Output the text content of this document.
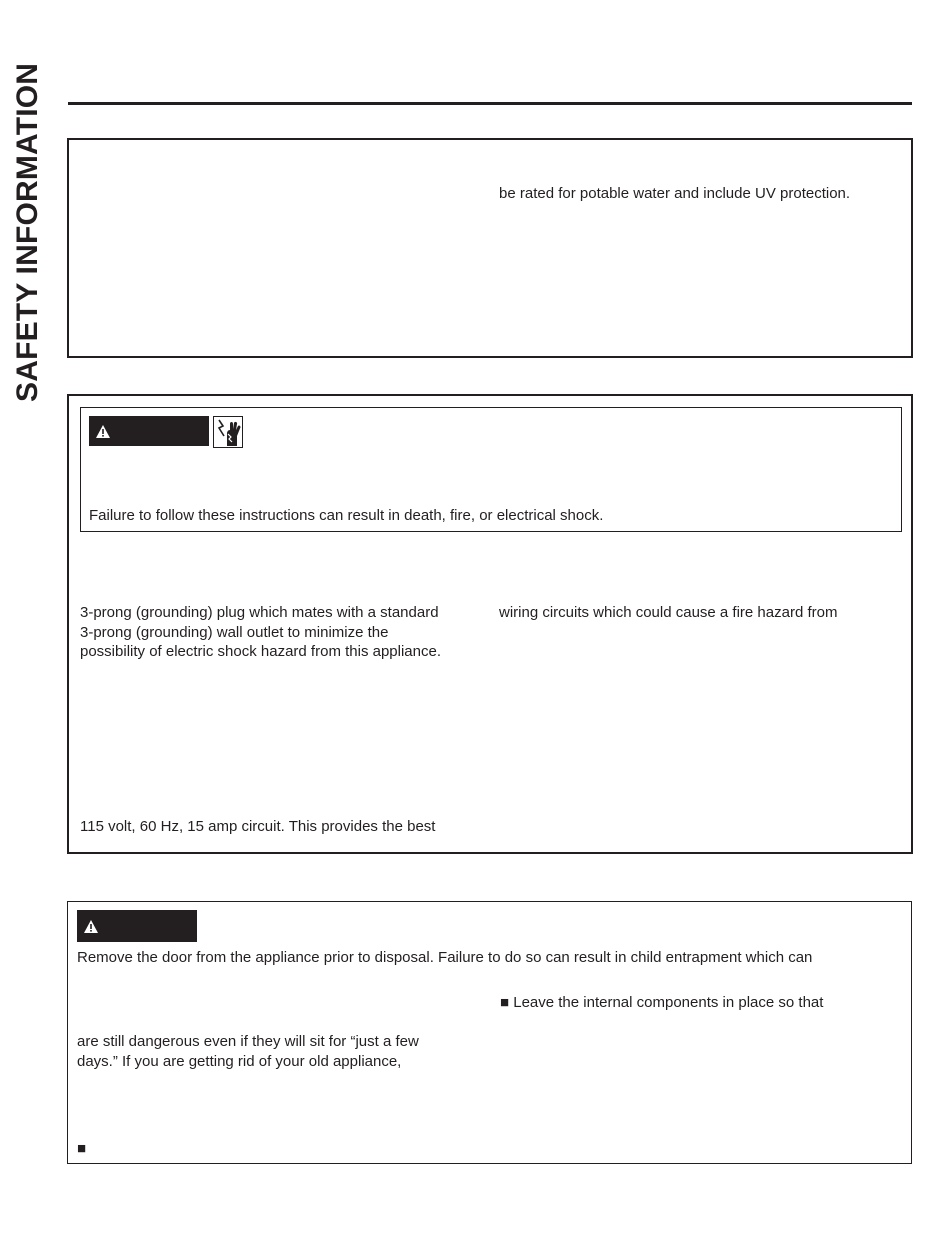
SAFETY INFORMATION	be rated for potable water and include UV protection.
Failure to follow these instructions can result in death, fire, or electrical shock.
3-prong (grounding) plug which mates with a standard
3-prong (grounding) wall outlet to minimize the
possibility of electric shock hazard from this appliance.
wiring circuits which could cause a fire hazard from
115 volt, 60 Hz, 15 amp circuit. This provides the best
Remove the door from the appliance prior to disposal. Failure to do so can result in child entrapment which can
■ Leave the internal components in place so that
are still dangerous even if they will sit for “just a few
days.” If you are getting rid of your old appliance,
■
